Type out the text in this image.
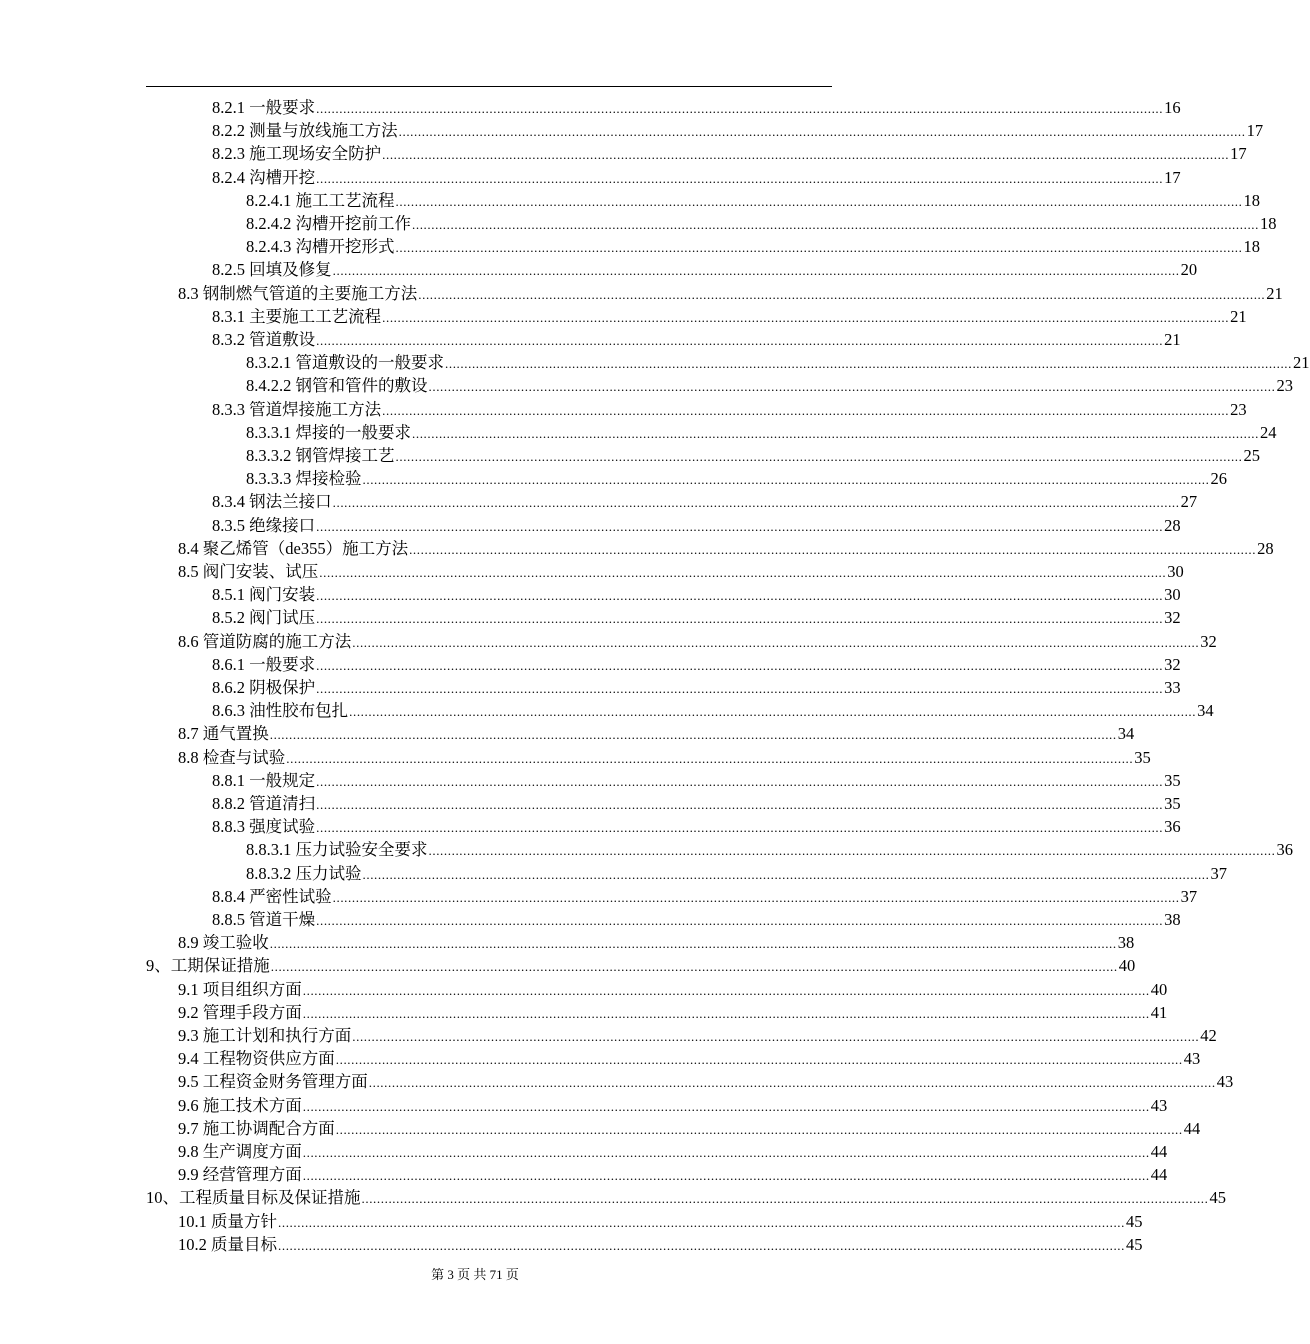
8.2.1 一般要求 ............................................................................................................................................................................................................................ 16
8.2.2 测量与放线施工方法 ............................................................................................................................................................................................................................ 17
8.2.3 施工现场安全防护 ............................................................................................................................................................................................................................ 17
8.2.4 沟槽开挖 ............................................................................................................................................................................................................................ 17
8.2.4.1 施工工艺流程 ............................................................................................................................................................................................................................ 18
8.2.4.2 沟槽开挖前工作 ............................................................................................................................................................................................................................ 18
8.2.4.3 沟槽开挖形式 ............................................................................................................................................................................................................................ 18
8.2.5 回填及修复 ............................................................................................................................................................................................................................ 20
8.3 钢制燃气管道的主要施工方法 ............................................................................................................................................................................................................................ 21
8.3.1 主要施工工艺流程 ............................................................................................................................................................................................................................ 21
8.3.2 管道敷设 ............................................................................................................................................................................................................................ 21
8.3.2.1 管道敷设的一般要求 ............................................................................................................................................................................................................................ 21
8.4.2.2 钢管和管件的敷设 ............................................................................................................................................................................................................................ 23
8.3.3 管道焊接施工方法 ............................................................................................................................................................................................................................ 23
8.3.3.1 焊接的一般要求 ............................................................................................................................................................................................................................ 24
8.3.3.2 钢管焊接工艺 ............................................................................................................................................................................................................................ 25
8.3.3.3 焊接检验 ............................................................................................................................................................................................................................ 26
8.3.4 钢法兰接口 ............................................................................................................................................................................................................................ 27
8.3.5 绝缘接口 ............................................................................................................................................................................................................................ 28
8.4 聚乙烯管（de355）施工方法 ............................................................................................................................................................................................................................ 28
8.5 阀门安装、试压 ............................................................................................................................................................................................................................ 30
8.5.1 阀门安装 ............................................................................................................................................................................................................................ 30
8.5.2 阀门试压 ............................................................................................................................................................................................................................ 32
8.6 管道防腐的施工方法 ............................................................................................................................................................................................................................ 32
8.6.1 一般要求 ............................................................................................................................................................................................................................ 32
8.6.2 阴极保护 ............................................................................................................................................................................................................................ 33
8.6.3 油性胶布包扎 ............................................................................................................................................................................................................................ 34
8.7 通气置换 ............................................................................................................................................................................................................................ 34
8.8 检查与试验 ............................................................................................................................................................................................................................ 35
8.8.1 一般规定 ............................................................................................................................................................................................................................ 35
8.8.2 管道清扫 ............................................................................................................................................................................................................................ 35
8.8.3 强度试验 ............................................................................................................................................................................................................................ 36
8.8.3.1 压力试验安全要求 ............................................................................................................................................................................................................................ 36
8.8.3.2 压力试验 ............................................................................................................................................................................................................................ 37
8.8.4 严密性试验 ............................................................................................................................................................................................................................ 37
8.8.5 管道干燥 ............................................................................................................................................................................................................................ 38
8.9 竣工验收 ............................................................................................................................................................................................................................ 38
9、工期保证措施 ............................................................................................................................................................................................................................ 40
9.1 项目组织方面 ............................................................................................................................................................................................................................ 40
9.2 管理手段方面 ............................................................................................................................................................................................................................ 41
9.3 施工计划和执行方面 ............................................................................................................................................................................................................................ 42
9.4 工程物资供应方面 ............................................................................................................................................................................................................................ 43
9.5 工程资金财务管理方面 ............................................................................................................................................................................................................................ 43
9.6 施工技术方面 ............................................................................................................................................................................................................................ 43
9.7 施工协调配合方面 ............................................................................................................................................................................................................................ 44
9.8 生产调度方面 ............................................................................................................................................................................................................................ 44
9.9 经营管理方面 ............................................................................................................................................................................................................................ 44
10、工程质量目标及保证措施 ............................................................................................................................................................................................................................ 45
10.1 质量方针 ............................................................................................................................................................................................................................ 45
10.2 质量目标 ............................................................................................................................................................................................................................ 45
第 3 页 共 71 页
